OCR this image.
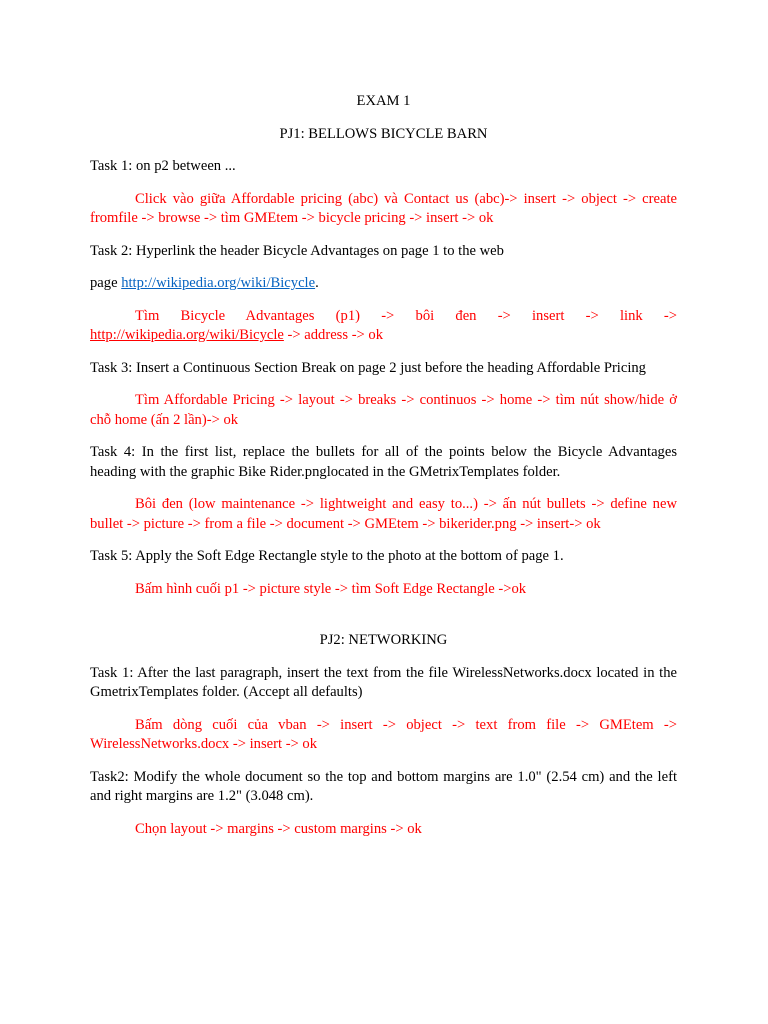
EXAM 1
PJ1: BELLOWS BICYCLE BARN
Task 1: on p2 between ...
Click vào giữa Affordable pricing (abc) và Contact us (abc)-> insert -> object -> create fromfile -> browse -> tìm GMEtem -> bicycle pricing -> insert -> ok
Task 2: Hyperlink the header Bicycle Advantages on page 1 to the web
page http://wikipedia.org/wiki/Bicycle.
Tìm Bicycle Advantages (p1) -> bôi đen -> insert -> link -> http://wikipedia.org/wiki/Bicycle -> address -> ok
Task 3: Insert a Continuous Section Break on page 2 just before the heading Affordable Pricing
Tìm Affordable Pricing -> layout -> breaks -> continuos -> home -> tìm nút show/hide ở chỗ home (ấn 2 lần)-> ok
Task 4: In the first list, replace the bullets for all of the points below the Bicycle Advantages heading with the graphic Bike Rider.pnglocated in the GMetrixTemplates folder.
Bôi đen (low maintenance -> lightweight and easy to...) -> ấn nút bullets -> define new bullet -> picture -> from a file -> document -> GMEtem -> bikerider.png -> insert-> ok
Task 5: Apply the Soft Edge Rectangle style to the photo at the bottom of page 1.
Bấm hình cuối p1 -> picture style -> tìm Soft Edge Rectangle ->ok
PJ2: NETWORKING
Task 1: After the last paragraph, insert the text from the file WirelessNetworks.docx located in the GmetrixTemplates folder. (Accept all defaults)
Bấm dòng cuối của vban -> insert -> object -> text from file -> GMEtem -> WirelessNetworks.docx -> insert -> ok
Task2: Modify the whole document so the top and bottom margins are 1.0" (2.54 cm) and the left and right margins are 1.2" (3.048 cm).
Chọn layout -> margins -> custom margins -> ok
